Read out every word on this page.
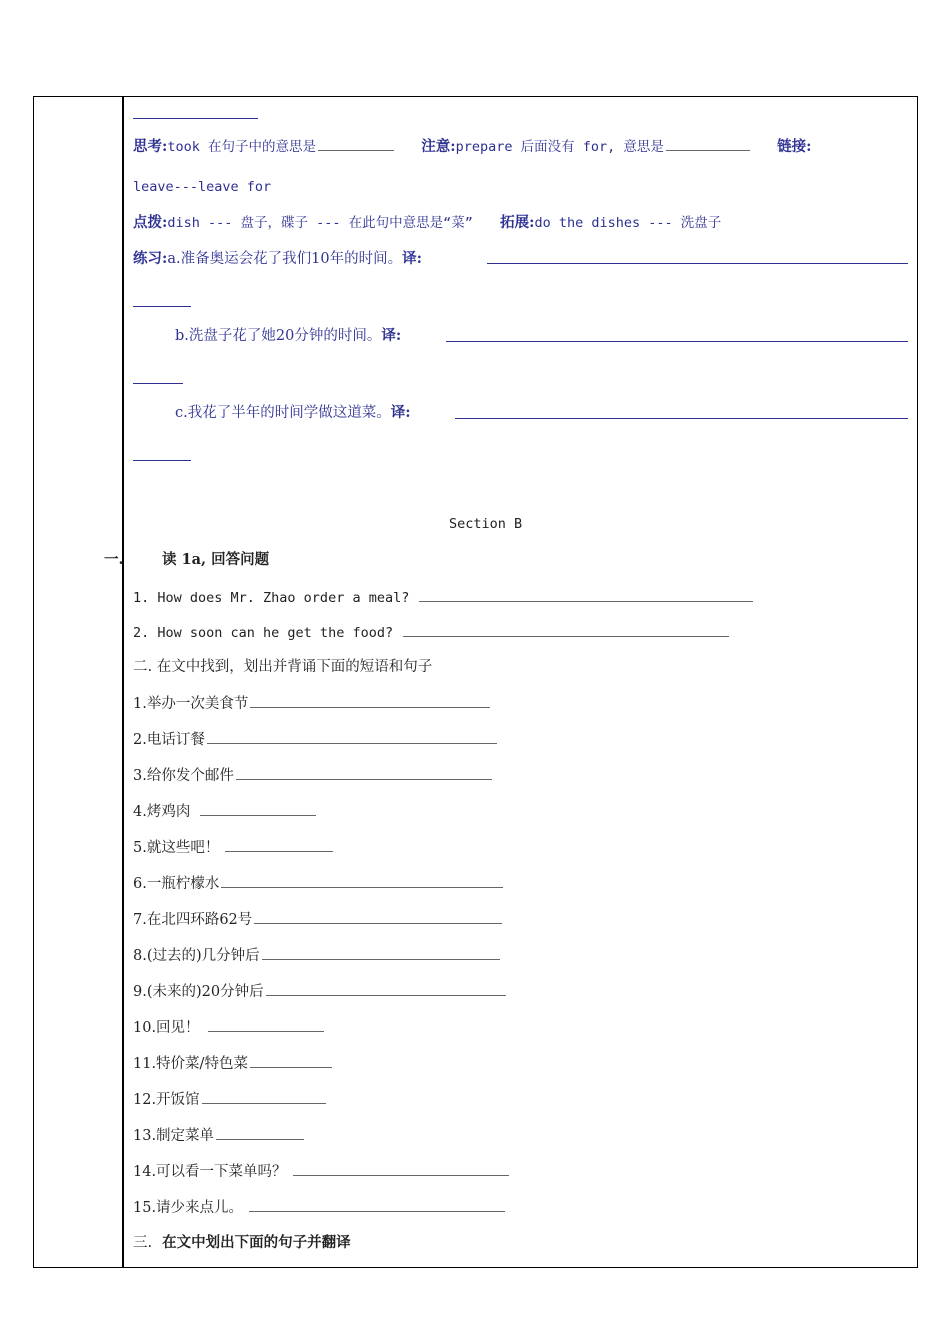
思考:took 在句子中的意思是	注意:prepare 后面没有 for, 意思是	链接:
leave---leave for
点拨:dish --- 盘子，碟子 --- 在此句中意思是“菜” 拓展:do the dishes --- 洗盘子
练习:a.准备奥运会花了我们10年的时间。译:
b.洗盘子花了她20分钟的时间。译:
c.我花了半年的时间学做这道菜。译:
Section B
一.	读 1a, 回答问题
1. How does Mr. Zhao order a meal?
2. How soon can he get the food?
二. 在文中找到，划出并背诵下面的短语和句子
1.举办一次美食节
2.电话订餐
3.给你发个邮件
4.烤鸡肉
5.就这些吧！
6.一瓶柠檬水
7.在北四环路62号
8.(过去的)几分钟后
9.(未来的)20分钟后
10.回见！
11.特价菜/特色菜
12.开饭馆
13.制定菜单
14.可以看一下菜单吗？
15.请少来点儿。
三. 在文中划出下面的句子并翻译
